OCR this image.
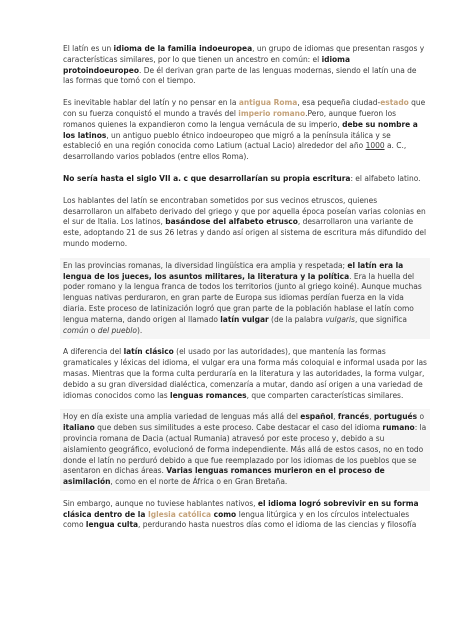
El latín es un idioma de la familia indoeuropea, un grupo de idiomas que presentan rasgos y características similares, por lo que tienen un ancestro en común: el idioma protoindoeuropeo. De él derivan gran parte de las lenguas modernas, siendo el latín una de las formas que tomó con el tiempo.

Es inevitable hablar del latín y no pensar en la antigua Roma, esa pequeña ciudad-estado que con su fuerza conquistó el mundo a través del imperio romano.Pero, aunque fueron los romanos quienes la expandieron como la lengua vernácula de su imperio, debe su nombre a los latinos, un antiguo pueblo étnico indoeuropeo que migró a la península itálica y se estableció en una región conocida como Latium (actual Lacio) alrededor del año 1000 a. C., desarrollando varios poblados (entre ellos Roma).

No sería hasta el siglo VII a. c que desarrollarían su propia escritura: el alfabeto latino.

Los hablantes del latín se encontraban sometidos por sus vecinos etruscos, quienes desarrollaron un alfabeto derivado del griego y que por aquella época poseían varias colonias en el sur de Italia. Los latinos, basándose del alfabeto etrusco, desarrollaron una variante de este, adoptando 21 de sus 26 letras y dando así origen al sistema de escritura más difundido del mundo moderno.

En las provincias romanas, la diversidad lingüística era amplia y respetada; el latín era la lengua de los jueces, los asuntos militares, la literatura y la política. Era la huella del poder romano y la lengua franca de todos los territorios (junto al griego koiné). Aunque muchas lenguas nativas perduraron, en gran parte de Europa sus idiomas perdían fuerza en la vida diaria. Este proceso de latinización logró que gran parte de la población hablase el latín como lengua materna, dando origen al llamado latín vulgar (de la palabra vulgaris, que significa común o del pueblo).

A diferencia del latín clásico (el usado por las autoridades), que mantenía las formas gramaticales y léxicas del idioma, el vulgar era una forma más coloquial e informal usada por las masas. Mientras que la forma culta perduraría en la literatura y las autoridades, la forma vulgar, debido a su gran diversidad dialéctica, comenzaría a mutar, dando así origen a una variedad de idiomas conocidos como las lenguas romances, que comparten características similares.

Hoy en día existe una amplia variedad de lenguas más allá del español, francés, portugués o italiano que deben sus similitudes a este proceso. Cabe destacar el caso del idioma rumano: la provincia romana de Dacia (actual Rumania) atravesó por este proceso y, debido a su aislamiento geográfico, evolucionó de forma independiente. Más allá de estos casos, no en todo donde el latín no perduró debido a que fue reemplazado por los idiomas de los pueblos que se asentaron en dichas áreas. Varias lenguas romances murieron en el proceso de asimilación, como en el norte de África o en Gran Bretaña.

Sin embargo, aunque no tuviese hablantes nativos, el idioma logró sobrevivir en su forma clásica dentro de la Iglesia católica como lengua litúrgica y en los círculos intelectuales como lengua culta, perdurando hasta nuestros días como el idioma de las ciencias y filosofía
